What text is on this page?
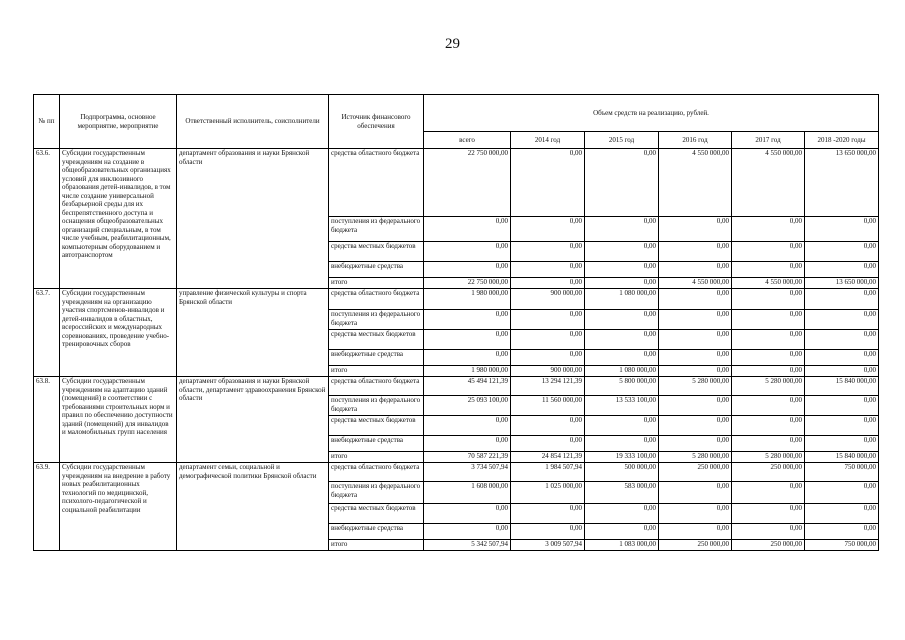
29
№ пп	Подпрограмма, основное мероприятие, мероприятие	Ответственный исполнитель, соисполнители	Источник финансового обеспечения	Объем средств на реализацию, рублей.					
				всего	2014 год	2015 год	2016 год	2017 год	2018 -2020 годы
63.6.	Субсидии государственным учреждениям на создание в общеобразовательных организациях условий для инклюзивного образования детей-инвалидов, в том числе создание универсальной безбарьерной среды для их беспрепятственного доступа и оснащения общеобразовательных организаций специальным, в том числе учебным, реабилитационным, компьютерным оборудованием и автотранспортом	департамент образования и науки Брянской области	средства областного бюджета	22 750 000,00	0,00	0,00	4 550 000,00	4 550 000,00	13 650 000,00
			поступления из федерального бюджета	0,00	0,00	0,00	0,00	0,00	0,00
			средства местных бюджетов	0,00	0,00	0,00	0,00	0,00	0,00
			внебюджетные средства	0,00	0,00	0,00	0,00	0,00	0,00
			итого	22 750 000,00	0,00	0,00	4 550 000,00	4 550 000,00	13 650 000,00
63.7.	Субсидии государственным учреждениям на организацию участия спортсменов-инвалидов и детей-инвалидов в областных, всероссийских и международных соревнованиях, проведение учебно-тренировочных сборов	управление физической культуры и спорта Брянской области	средства областного бюджета	1 980 000,00	900 000,00	1 080 000,00	0,00	0,00	0,00
			поступления из федерального бюджета	0,00	0,00	0,00	0,00	0,00	0,00
			средства местных бюджетов	0,00	0,00	0,00	0,00	0,00	0,00
			внебюджетные средства	0,00	0,00	0,00	0,00	0,00	0,00
			итого	1 980 000,00	900 000,00	1 080 000,00	0,00	0,00	0,00
63.8.	Субсидии государственным учреждениям на адаптацию зданий (помещений) в соответствии с требованиями строительных норм и правил по обеспечению доступности зданий (помещений) для инвалидов и маломобильных групп населения	департамент образования и науки Брянской области, департамент здравоохранения Брянской области	средства областного бюджета	45 494 121,39	13 294 121,39	5 800 000,00	5 280 000,00	5 280 000,00	15 840 000,00
			поступления из федерального бюджета	25 093 100,00	11 560 000,00	13 533 100,00	0,00	0,00	0,00
			средства местных бюджетов	0,00	0,00	0,00	0,00	0,00	0,00
			внебюджетные средства	0,00	0,00	0,00	0,00	0,00	0,00
			итого	70 587 221,39	24 854 121,39	19 333 100,00	5 280 000,00	5 280 000,00	15 840 000,00
63.9.	Субсидии государственным учреждениям на внедрение в работу новых реабилитационных технологий по медицинской, психолого-педагогической и социальной реабилитации	департамент семьи, социальной и демографической политики Брянской области	средства областного бюджета	3 734 507,94	1 984 507,94	500 000,00	250 000,00	250 000,00	750 000,00
			поступления из федерального бюджета	1 608 000,00	1 025 000,00	583 000,00	0,00	0,00	0,00
			средства местных бюджетов	0,00	0,00	0,00	0,00	0,00	0,00
			внебюджетные средства	0,00	0,00	0,00	0,00	0,00	0,00
			итого	5 342 507,94	3 009 507,94	1 083 000,00	250 000,00	250 000,00	750 000,00
